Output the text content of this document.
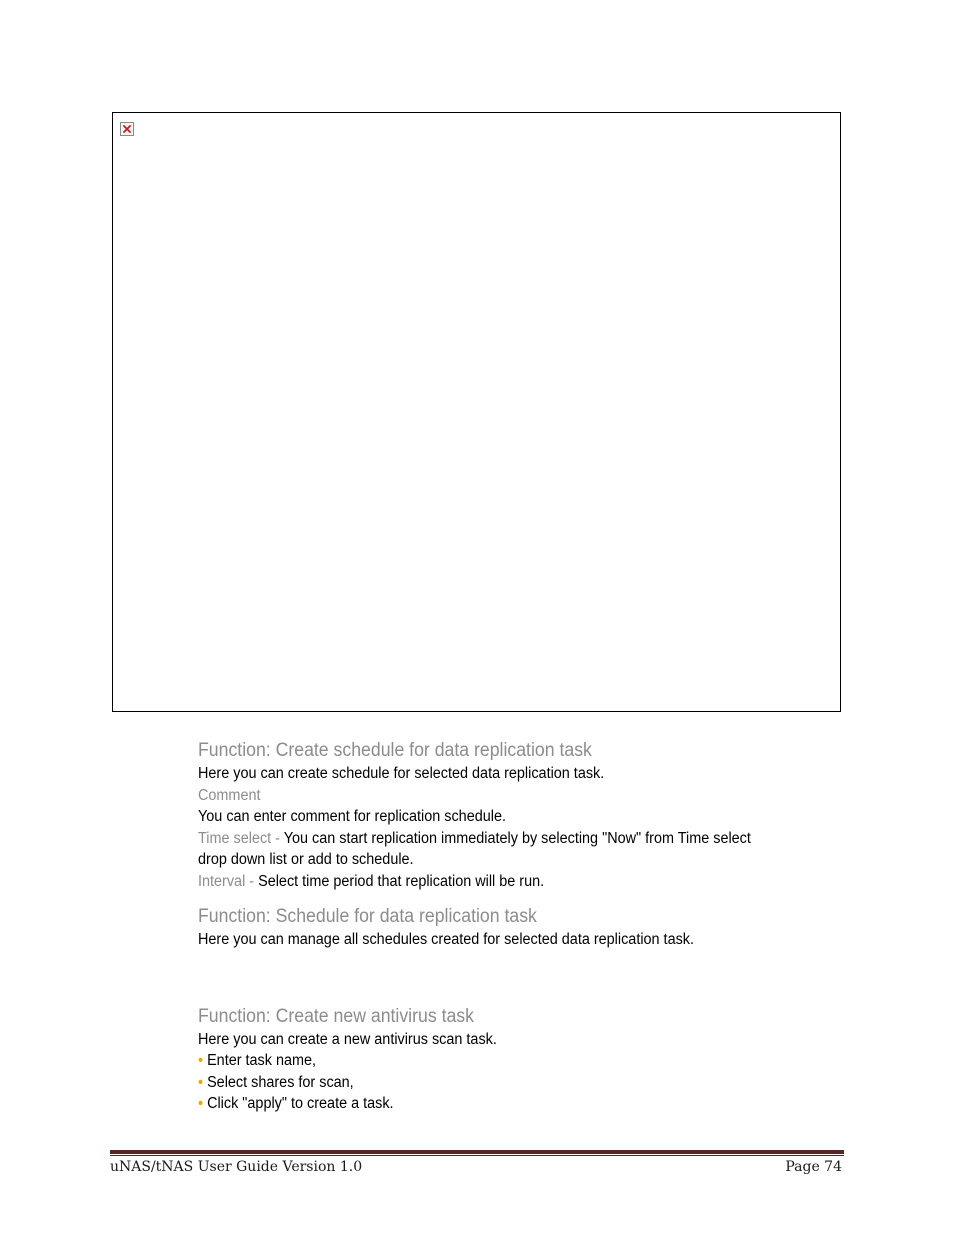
Function: Create schedule for data replication task

Here you can create schedule for selected data replication task.

Comment

You can enter comment for replication schedule.

Time select - You can start replication immediately by selecting "Now" from Time select

drop down list or add to schedule.

Interval - Select time period that replication will be run.

Function: Schedule for data replication task

Here you can manage all schedules created for selected data replication task.

Function: Create new antivirus task

Here you can create a new antivirus scan task.

• Enter task name,

• Select shares for scan,

• Click "apply" to create a task.

uNAS/tNAS User Guide Version 1.0	Page 74
